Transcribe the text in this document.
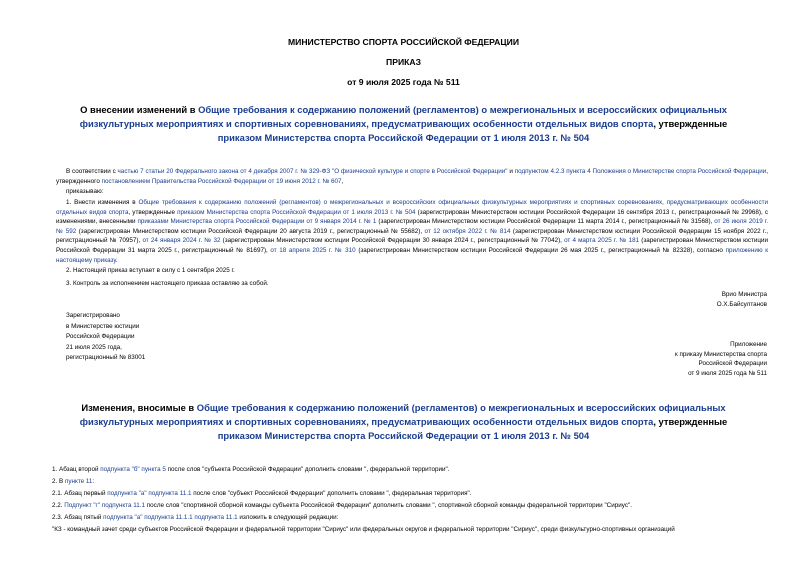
МИНИСТЕРСТВО СПОРТА РОССИЙСКОЙ ФЕДЕРАЦИИ
ПРИКАЗ
от 9 июля 2025 года № 511
О внесении изменений в Общие требования к содержанию положений (регламентов) о межрегиональных и всероссийских официальных физкультурных мероприятиях и спортивных соревнованиях, предусматривающих особенности отдельных видов спорта, утвержденные приказом Министерства спорта Российской Федерации от 1 июля 2013 г. № 504
В соответствии с частью 7 статьи 20 Федерального закона от 4 декабря 2007 г. № 329-ФЗ "О физической культуре и спорте в Российской Федерации" и подпунктом 4.2.3 пункта 4 Положения о Министерстве спорта Российской Федерации, утвержденного постановлением Правительства Российской Федерации от 19 июня 2012 г. № 607,
приказываю:
1. Внести изменения в Общие требования к содержанию положений (регламентов) о межрегиональных и всероссийских официальных физкультурных мероприятиях и спортивных соревнованиях, предусматривающих особенности отдельных видов спорта, утвержденные приказом Министерства спорта Российской Федерации от 1 июля 2013 г. № 504 (зарегистрирован Министерством юстиции Российской Федерации 16 сентября 2013 г., регистрационный № 29968), с изменениями, внесенными приказами Министерства спорта Российской Федерации от 9 января 2014 г. № 1 (зарегистрирован Министерством юстиции Российской Федерации 11 марта 2014 г., регистрационный № 31568), от 26 июля 2019 г. № 592 (зарегистрирован Министерством юстиции Российской Федерации 20 августа 2019 г., регистрационный № 55682), от 12 октября 2022 г. № 814 (зарегистрирован Министерством юстиции Российской Федерации 15 ноября 2022 г., регистрационный № 70957), от 24 января 2024 г. № 32 (зарегистрирован Министерством юстиции Российской Федерации 30 января 2024 г., регистрационный № 77042), от 4 марта 2025 г. № 181 (зарегистрирован Министерством юстиции Российской Федерации 31 марта 2025 г., регистрационный № 81697), от 18 апреля 2025 г. № 310 (зарегистрирован Министерством юстиции Российской Федерации 26 мая 2025 г., регистрационный № 82328), согласно приложению к настоящему приказу.
2. Настоящий приказ вступает в силу с 1 сентября 2025 г.
3. Контроль за исполнением настоящего приказа оставляю за собой.
Врио Министра
О.Х.Байсултанов
Зарегистрировано
в Министерстве юстиции
Российской Федерации
21 июля 2025 года,
регистрационный № 83001
Приложение
к приказу Министерства спорта
Российской Федерации
от 9 июля 2025 года № 511
Изменения, вносимые в Общие требования к содержанию положений (регламентов) о межрегиональных и всероссийских официальных физкультурных мероприятиях и спортивных соревнованиях, предусматривающих особенности отдельных видов спорта, утвержденные приказом Министерства спорта Российской Федерации от 1 июля 2013 г. № 504
1. Абзац второй подпункта "б" пункта 5 после слов "субъекта Российской Федерации" дополнить словами ", федеральной территории".
2. В пункте 11:
2.1. Абзац первый подпункта "а" подпункта 11.1 после слов "субъект Российской Федерации" дополнить словами ", федеральная территория".
2.2. Подпункт "г" подпункта 11.1 после слов "спортивной сборной команды субъекта Российской Федерации" дополнить словами ", спортивной сборной команды федеральной территории "Сириус".
2.3. Абзац пятый подпункта "а" подпункта 11.1.1 подпункта 11.1 изложить в следующей редакции:
"КЗ - командный зачет среди субъектов Российской Федерации и федеральной территории "Сириус" или федеральных округов и федеральной территории "Сириус", среди физкультурно-спортивных организаций
